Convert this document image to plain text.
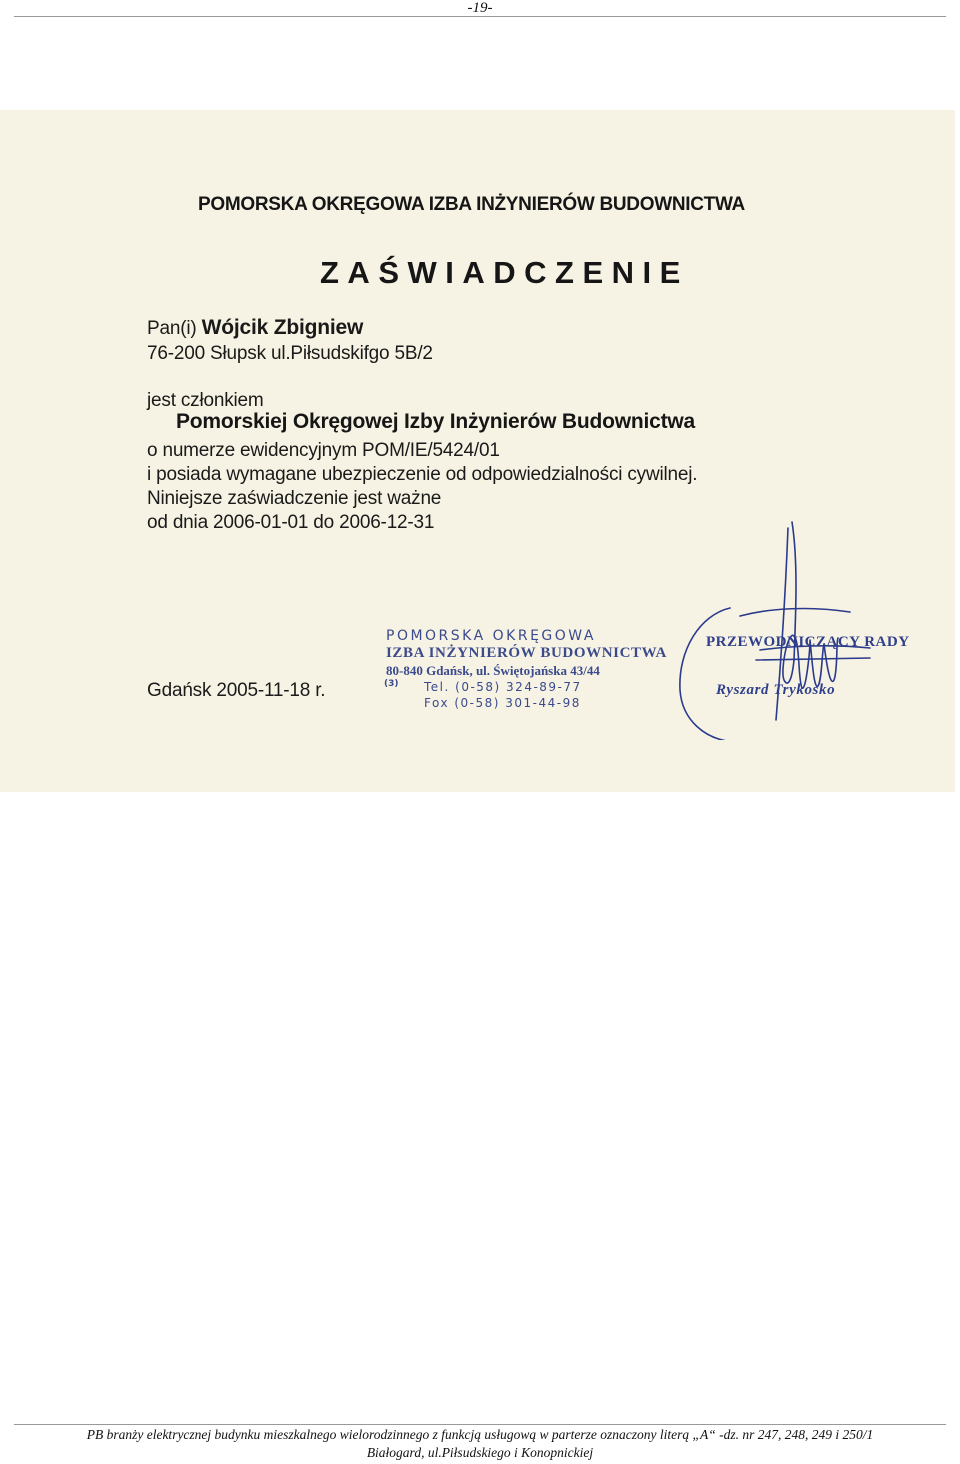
-19-
POMORSKA OKRĘGOWA IZBA INŻYNIERÓW BUDOWNICTWA
ZAŚWIADCZENIE
Pan(i) Wójcik Zbigniew
76-200 Słupsk ul.Piłsudskifgo 5B/2
jest członkiem
Pomorskiej Okręgowej Izby Inżynierów Budownictwa
o numerze ewidencyjnym POM/IE/5424/01
i posiada wymagane ubezpieczenie od odpowiedzialności cywilnej.
Niniejsze zaświadczenie jest ważne
od dnia 2006-01-01 do 2006-12-31
Gdańsk 2005-11-18 r.
POMORSKA OKRĘGOWA
IZBA INŻYNIERÓW BUDOWNICTWA
80-840 Gdańsk, ul. Świętojańska 43/44
(3) Tel. (0-58) 324-89-77
Fox (0-58) 301-44-98
PRZEWODNICZĄCY RADY
Ryszard Trykosko
PB branży elektrycznej budynku mieszkalnego wielorodzinnego z funkcją usługową w parterze oznaczony literą „A“ -dz. nr 247, 248, 249 i 250/1
Białogard, ul.Piłsudskiego i Konopnickiej
